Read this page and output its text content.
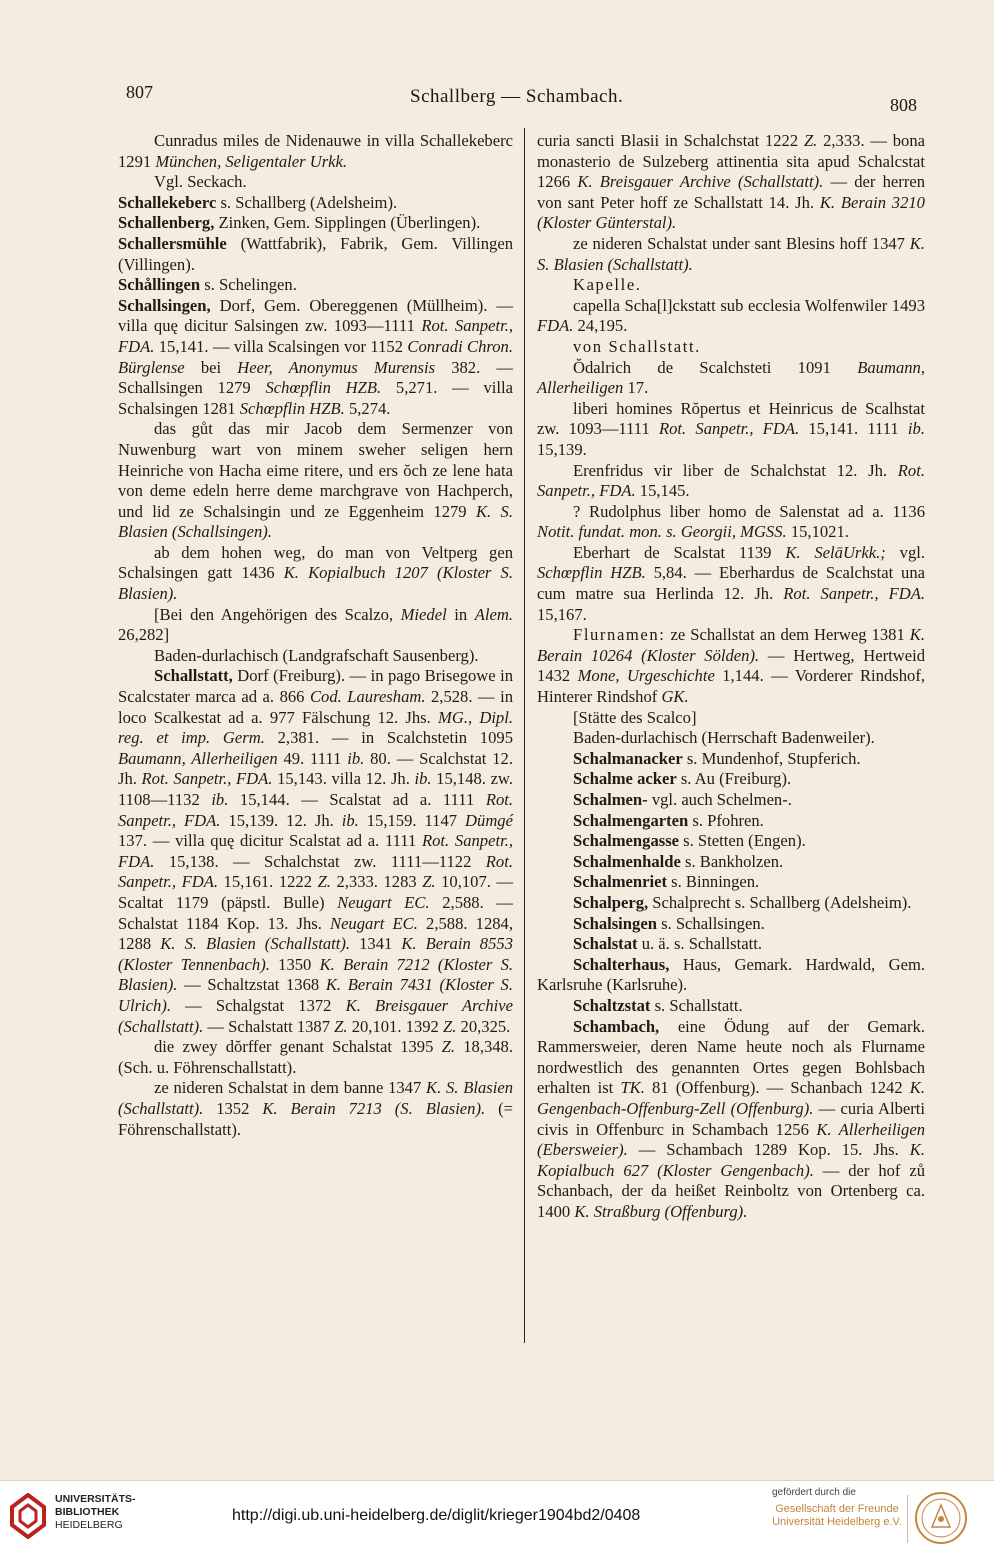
807	Schallberg — Schambach.	808

Cunradus miles de Nidenauwe in villa Schallekeberc 1291 München, Seligentaler Urkk.

Vgl. Seckach.

Schallekeberc s. Schallberg (Adelsheim).

Schallenberg, Zinken, Gem. Sipplingen (Überlingen).

Schallersmühle (Wattfabrik), Fabrik, Gem. Villingen (Villingen).

Schållingen s. Schelingen.

Schallsingen, Dorf, Gem. Obereggenen (Müllheim). — villa quę dicitur Salsingen zw. 1093—1111 Rot. Sanpetr., FDA. 15,141. — villa Scalsingen vor 1152 Conradi Chron. Bürglense bei Heer, Anonymus Murensis 382. — Schallsingen 1279 Schœpflin HZB. 5,271. — villa Schalsingen 1281 Schœpflin HZB. 5,274.

das gůt das mir Jacob dem Sermenzer von Nuwenburg wart von minem sweher seligen hern Heinriche von Hacha eime ritere, und ers ŏch ze lene hata von deme edeln herre deme marchgrave von Hachperch, und lid ze Schalsingin und ze Eggenheim 1279 K. S. Blasien (Schallsingen).

ab dem hohen weg, do man von Veltperg gen Schalsingen gatt 1436 K. Kopialbuch 1207 (Kloster S. Blasien).

[Bei den Angehörigen des Scalzo, Miedel in Alem. 26,282]

Baden-durlachisch (Landgrafschaft Sausenberg).

Schallstatt, Dorf (Freiburg). — in pago Brisegowe in Scalcstater marca ad a. 866 Cod. Lauresham. 2,528. — in loco Scalkestat ad a. 977 Fälschung 12. Jhs. MG., Dipl. reg. et imp. Germ. 2,381. — in Scalchstetin 1095 Baumann, Allerheiligen 49. 1111 ib. 80. — Scalchstat 12. Jh. Rot. Sanpetr., FDA. 15,143. villa 12. Jh. ib. 15,148. zw. 1108—1132 ib. 15,144. — Scalstat ad a. 1111 Rot. Sanpetr., FDA. 15,139. 12. Jh. ib. 15,159. 1147 Dümgé 137. — villa quę dicitur Scalstat ad a. 1111 Rot. Sanpetr., FDA. 15,138. — Schalchstat zw. 1111—1122 Rot. Sanpetr., FDA. 15,161. 1222 Z. 2,333. 1283 Z. 10,107. — Scaltat 1179 (päpstl. Bulle) Neugart EC. 2,588. — Schalstat 1184 Kop. 13. Jhs. Neugart EC. 2,588. 1284, 1288 K. S. Blasien (Schallstatt). 1341 K. Berain 8553 (Kloster Tennenbach). 1350 K. Berain 7212 (Kloster S. Blasien). — Schaltzstat 1368 K. Berain 7431 (Kloster S. Ulrich). — Schalgstat 1372 K. Breisgauer Archive (Schallstatt). — Schalstatt 1387 Z. 20,101. 1392 Z. 20,325.

die zwey dŏrffer genant Schalstat 1395 Z. 18,348. (Sch. u. Föhrenschallstatt).

ze nideren Schalstat in dem banne 1347 K. S. Blasien (Schallstatt). 1352 K. Berain 7213 (S. Blasien). (= Föhrenschallstatt).

curia sancti Blasii in Schalchstat 1222 Z. 2,333. — bona monasterio de Sulzeberg attinentia sita apud Schalcstat 1266 K. Breisgauer Archive (Schallstatt). — der herren von sant Peter hoff ze Schallstatt 14. Jh. K. Berain 3210 (Kloster Günterstal).

ze nideren Schalstat under sant Blesins hoff 1347 K. S. Blasien (Schallstatt).

Kapelle.

capella Scha[l]ckstatt sub ecclesia Wolfenwiler 1493 FDA. 24,195.

von Schallstatt.

Ŏdalrich de Scalchsteti 1091 Baumann, Allerheiligen 17.

liberi homines Rŏpertus et Heinricus de Scalhstat zw. 1093—1111 Rot. Sanpetr., FDA. 15,141. 1111 ib. 15,139.

Erenfridus vir liber de Schalchstat 12. Jh. Rot. Sanpetr., FDA. 15,145.

? Rudolphus liber homo de Salenstat ad a. 1136 Notit. fundat. mon. s. Georgii, MGSS. 15,1021.

Eberhart de Scalstat 1139 K. SelāUrkk.; vgl. Schœpflin HZB. 5,84. — Eberhardus de Scalchstat una cum matre sua Herlinda 12. Jh. Rot. Sanpetr., FDA. 15,167.

Flurnamen: ze Schallstat an dem Herweg 1381 K. Berain 10264 (Kloster Sölden). — Hertweg, Hertweid 1432 Mone, Urgeschichte 1,144. — Vorderer Rindshof, Hinterer Rindshof GK.

[Stätte des Scalco]

Baden-durlachisch (Herrschaft Badenweiler).

Schalmanacker s. Mundenhof, Stupferich.

Schalme acker s. Au (Freiburg).

Schalmen- vgl. auch Schelmen-.

Schalmengarten s. Pfohren.

Schalmengasse s. Stetten (Engen).

Schalmenhalde s. Bankholzen.

Schalmenriet s. Binningen.

Schalperg, Schalprecht s. Schallberg (Adelsheim).

Schalsingen s. Schallsingen.

Schalstat u. ä. s. Schallstatt.

Schalterhaus, Haus, Gemark. Hardwald, Gem. Karlsruhe (Karlsruhe).

Schaltzstat s. Schallstatt.

Schambach, eine Ödung auf der Gemark. Rammersweier, deren Name heute noch als Flurname nordwestlich des genannten Ortes gegen Bohlsbach erhalten ist TK. 81 (Offenburg). — Schanbach 1242 K. Gengenbach-Offenburg-Zell (Offenburg). — curia Alberti civis in Offenburc in Schambach 1256 K. Allerheiligen (Ebersweier). — Schambach 1289 Kop. 15. Jhs. K. Kopialbuch 627 (Kloster Gengenbach). — der hof zů Schanbach, der da heißet Reinboltz von Ortenberg ca. 1400 K. Straßburg (Offenburg).

UNIVERSITÄTS-
BIBLIOTHEK
HEIDELBERG
http://digi.ub.uni-heidelberg.de/diglit/krieger1904bd2/0408
gefördert durch die
Gesellschaft der Freunde
Universität Heidelberg e.V.
